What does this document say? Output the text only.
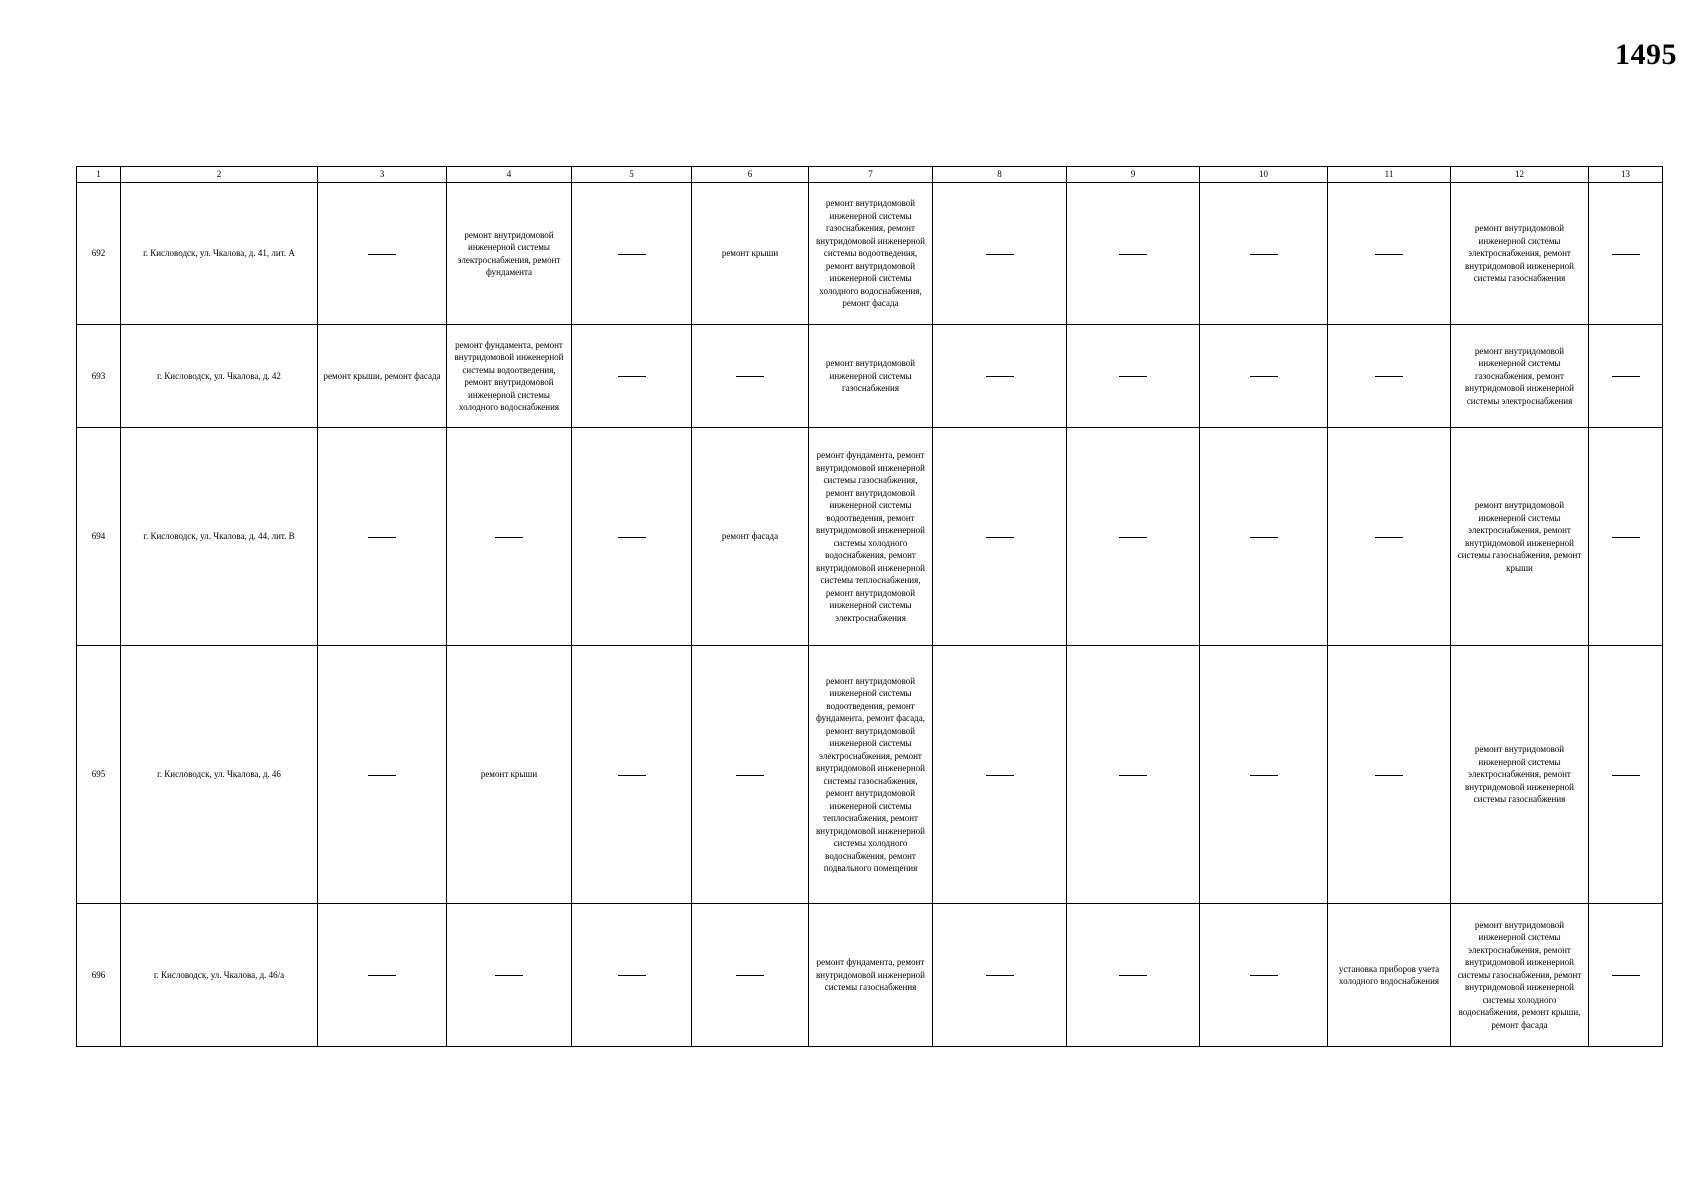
1495
1	2	3	4	5	6	7	8	9	10	11	12	13
692	г. Кисловодск, ул. Чкалова, д. 41, лит. А		ремонт внутридомовой инженерной системы электроснабжения, ремонт фундамента		ремонт крыши	ремонт внутридомовой инженерной системы газоснабжения, ремонт внутридомовой инженерной системы водоотведения, ремонт внутридомовой инженерной системы холодного водоснабжения, ремонт фасада					ремонт внутридомовой инженерной системы электроснабжения, ремонт внутридомовой инженерной системы газоснабжения	
693	г. Кисловодск, ул. Чкалова, д. 42	ремонт крыши, ремонт фасада	ремонт фундамента, ремонт внутридомовой инженерной системы водоотведения, ремонт внутридомовой инженерной системы холодного водоснабжения			ремонт внутридомовой инженерной системы газоснабжения					ремонт внутридомовой инженерной системы газоснабжения, ремонт внутридомовой инженерной системы электроснабжения	
694	г. Кисловодск, ул. Чкалова, д. 44, лит. В				ремонт фасада	ремонт фундамента, ремонт внутридомовой инженерной системы газоснабжения, ремонт внутридомовой инженерной системы водоотведения, ремонт внутридомовой инженерной системы холодного водоснабжения, ремонт внутридомовой инженерной системы теплоснабжения, ремонт внутридомовой инженерной системы электроснабжения					ремонт внутридомовой инженерной системы электроснабжения, ремонт внутридомовой инженерной системы газоснабжения, ремонт крыши	
695	г. Кисловодск, ул. Чкалова, д. 46		ремонт крыши			ремонт внутридомовой инженерной системы водоотведения, ремонт фундамента, ремонт фасада, ремонт внутридомовой инженерной системы электроснабжения, ремонт внутридомовой инженерной системы газоснабжения, ремонт внутридомовой инженерной системы теплоснабжения, ремонт внутридомовой инженерной системы холодного водоснабжения, ремонт подвального помещения					ремонт внутридомовой инженерной системы электроснабжения, ремонт внутридомовой инженерной системы газоснабжения	
696	г. Кисловодск, ул. Чкалова, д. 46/а					ремонт фундамента, ремонт внутридомовой инженерной системы газоснабжения				установка приборов учета холодного водоснабжения	ремонт внутридомовой инженерной системы электроснабжения, ремонт внутридомовой инженерной системы газоснабжения, ремонт внутридомовой инженерной системы холодного водоснабжения, ремонт крыши, ремонт фасада	
